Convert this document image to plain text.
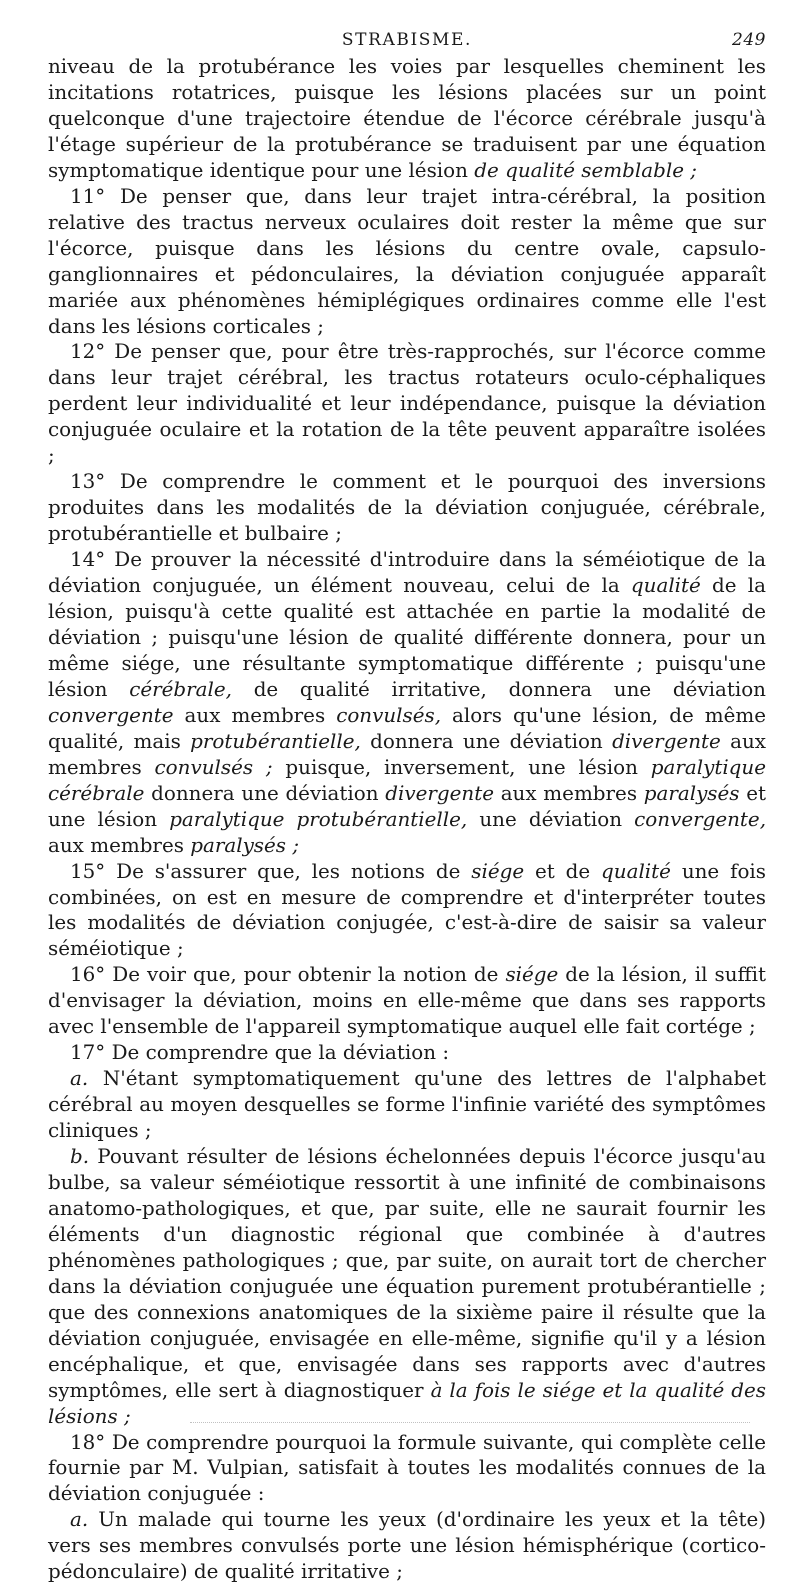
STRABISME.	249

niveau de la protubérance les voies par lesquelles cheminent les incitations rotatrices, puisque les lésions placées sur un point quelconque d'une trajectoire étendue de l'écorce cérébrale jusqu'à l'étage supérieur de la protubérance se traduisent par une équation symptomatique identique pour une lésion de qualité semblable ;

11° De penser que, dans leur trajet intra-cérébral, la position relative des tractus nerveux oculaires doit rester la même que sur l'écorce, puisque dans les lésions du centre ovale, capsulo-ganglionnaires et pédonculaires, la déviation conjuguée apparaît mariée aux phénomènes hémiplégiques ordinaires comme elle l'est dans les lésions corticales ;

12° De penser que, pour être très-rapprochés, sur l'écorce comme dans leur trajet cérébral, les tractus rotateurs oculo-céphaliques perdent leur individualité et leur indépendance, puisque la déviation conjuguée oculaire et la rotation de la tête peuvent apparaître isolées ;

13° De comprendre le comment et le pourquoi des inversions produites dans les modalités de la déviation conjuguée, cérébrale, protubérantielle et bulbaire ;

14° De prouver la nécessité d'introduire dans la séméiotique de la déviation conjuguée, un élément nouveau, celui de la qualité de la lésion, puisqu'à cette qualité est attachée en partie la modalité de déviation ; puisqu'une lésion de qualité différente donnera, pour un même siége, une résultante symptomatique différente ; puisqu'une lésion cérébrale, de qualité irritative, donnera une déviation convergente aux membres convulsés, alors qu'une lésion, de même qualité, mais protubérantielle, donnera une déviation divergente aux membres convulsés ; puisque, inversement, une lésion paralytique cérébrale donnera une déviation divergente aux membres paralysés et une lésion paralytique protubérantielle, une déviation convergente, aux membres paralysés ;

15° De s'assurer que, les notions de siége et de qualité une fois combinées, on est en mesure de comprendre et d'interpréter toutes les modalités de déviation conjugée, c'est-à-dire de saisir sa valeur séméiotique ;

16° De voir que, pour obtenir la notion de siége de la lésion, il suffit d'envisager la déviation, moins en elle-même que dans ses rapports avec l'ensemble de l'appareil symptomatique auquel elle fait cortége ;

17° De comprendre que la déviation :

a. N'étant symptomatiquement qu'une des lettres de l'alphabet cérébral au moyen desquelles se forme l'infinie variété des symptômes cliniques ;

b. Pouvant résulter de lésions échelonnées depuis l'écorce jusqu'au bulbe, sa valeur séméiotique ressortit à une infinité de combinaisons anatomo-pathologiques, et que, par suite, elle ne saurait fournir les éléments d'un diagnostic régional que combinée à d'autres phénomènes pathologiques ; que, par suite, on aurait tort de chercher dans la déviation conjuguée une équation purement protubérantielle ; que des connexions anatomiques de la sixième paire il résulte que la déviation conjuguée, envisagée en elle-même, signifie qu'il y a lésion encéphalique, et que, envisagée dans ses rapports avec d'autres symptômes, elle sert à diagnostiquer à la fois le siége et la qualité des lésions ;

18° De comprendre pourquoi la formule suivante, qui complète celle fournie par M. Vulpian, satisfait à toutes les modalités connues de la déviation conjuguée :

a. Un malade qui tourne les yeux (d'ordinaire les yeux et la tête) vers ses membres convulsés porte une lésion hémisphérique (cortico-pédonculaire) de qualité irritative ;
